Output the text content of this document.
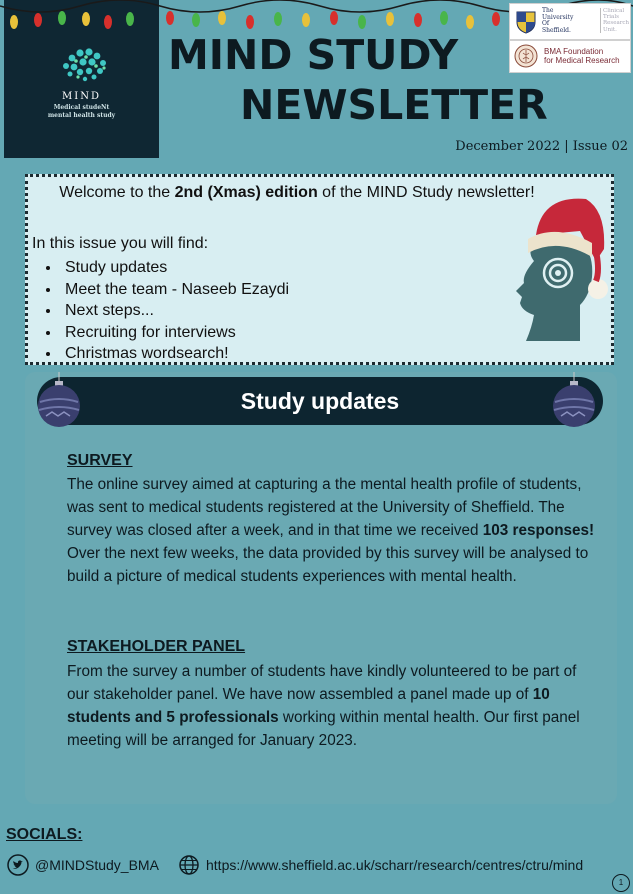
MIND
Medical studeNt
mental health study
MIND STUDY
NEWSLETTER
December 2022 | Issue 02
The
University
Of
Sheffield.
Clinical
Trials
Research
Unit.
BMA Foundation
for Medical Research
Welcome to the 2nd (Xmas) edition of the MIND Study newsletter!
In this issue you will find:
• Study updates
• Meet the team - Naseeb Ezaydi
• Next steps...
• Recruiting for interviews
• Christmas wordsearch!
Study updates
SURVEY

The online survey aimed at capturing a the mental health profile of students, was sent to medical students registered at the University of Sheffield. The survey was closed after a week, and in that time we received 103 responses! Over the next few weeks, the data provided by this survey will be analysed to build a picture of medical students experiences with mental health.

STAKEHOLDER PANEL

From the survey a number of students have kindly volunteered to be part of our stakeholder panel. We have now assembled a panel made up of 10 students and 5 professionals working within mental health. Our first panel meeting will be arranged for January 2023.

SOCIALS:
@MINDStudy_BMA	https://www.sheffield.ac.uk/scharr/research/centres/ctru/mind
1
